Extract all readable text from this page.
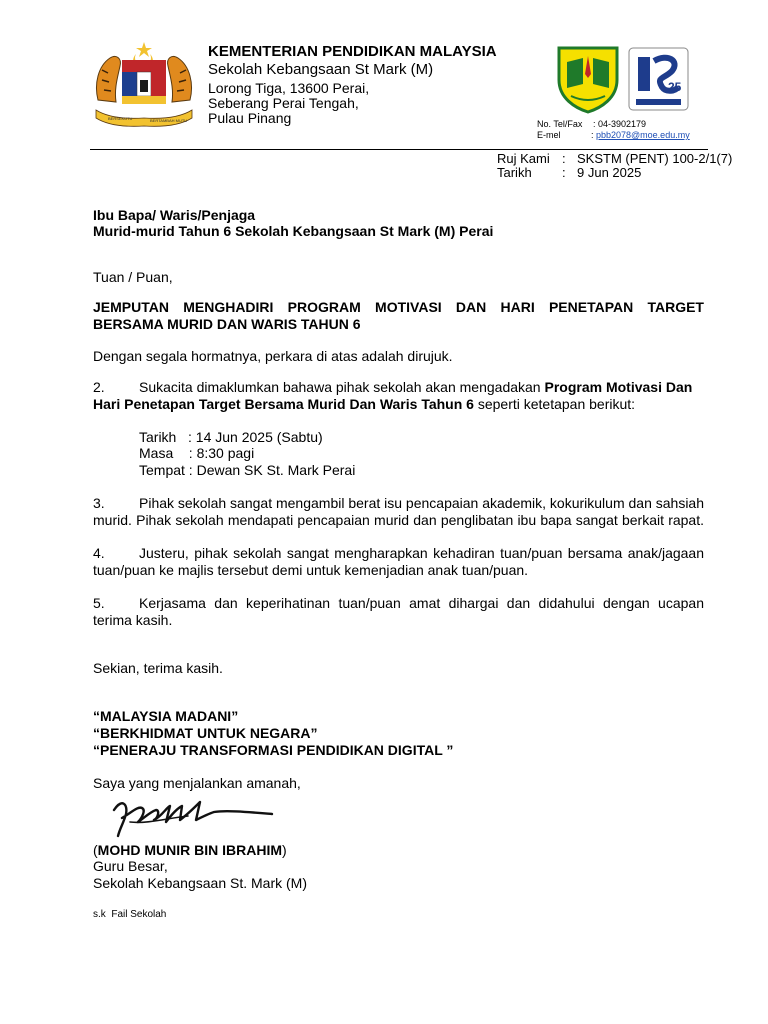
BERSEKUTU	BERTAMBAH MUTU
KEMENTERIAN PENDIDIKAN MALAYSIA
Sekolah Kebangsaan St Mark (M)
Lorong Tiga, 13600 Perai,
Seberang Perai Tengah,
Pulau Pinang
25
No. Tel/Fax : 04-3902179
E-mel	: pbb2078@moe.edu.my
Ruj Kami : SKSTM (PENT) 100-2/1(7)
Tarikh : 9 Jun 2025
Ibu Bapa/ Waris/Penjaga
Murid-murid Tahun 6 Sekolah Kebangsaan St Mark (M) Perai
Tuan / Puan,
JEMPUTAN MENGHADIRI PROGRAM MOTIVASI DAN HARI PENETAPAN TARGET
BERSAMA MURID DAN WARIS TAHUN 6
Dengan segala hormatnya, perkara di atas adalah dirujuk.
2. Sukacita dimaklumkan bahawa pihak sekolah akan mengadakan Program Motivasi Dan
Hari Penetapan Target Bersama Murid Dan Waris Tahun 6 seperti ketetapan berikut:
Tarikh   : 14 Jun 2025 (Sabtu)
Masa    : 8:30 pagi
Tempat : Dewan SK St. Mark Perai
3. Pihak sekolah sangat mengambil berat isu pencapaian akademik, kokurikulum dan sahsiah
murid. Pihak sekolah mendapati pencapaian murid dan penglibatan ibu bapa sangat berkait rapat.
4. Justeru, pihak sekolah sangat mengharapkan kehadiran tuan/puan bersama anak/jagaan
tuan/puan ke majlis tersebut demi untuk kemenjadian anak tuan/puan.
5. Kerjasama dan keperihatinan tuan/puan amat dihargai dan didahului dengan ucapan
terima kasih.
Sekian, terima kasih.
“MALAYSIA MADANI”
“BERKHIDMAT UNTUK NEGARA”
“PENERAJU TRANSFORMASI PENDIDIKAN DIGITAL ”
Saya yang menjalankan amanah,
(MOHD MUNIR BIN IBRAHIM)
Guru Besar,
Sekolah Kebangsaan St. Mark (M)
s.k  Fail Sekolah
